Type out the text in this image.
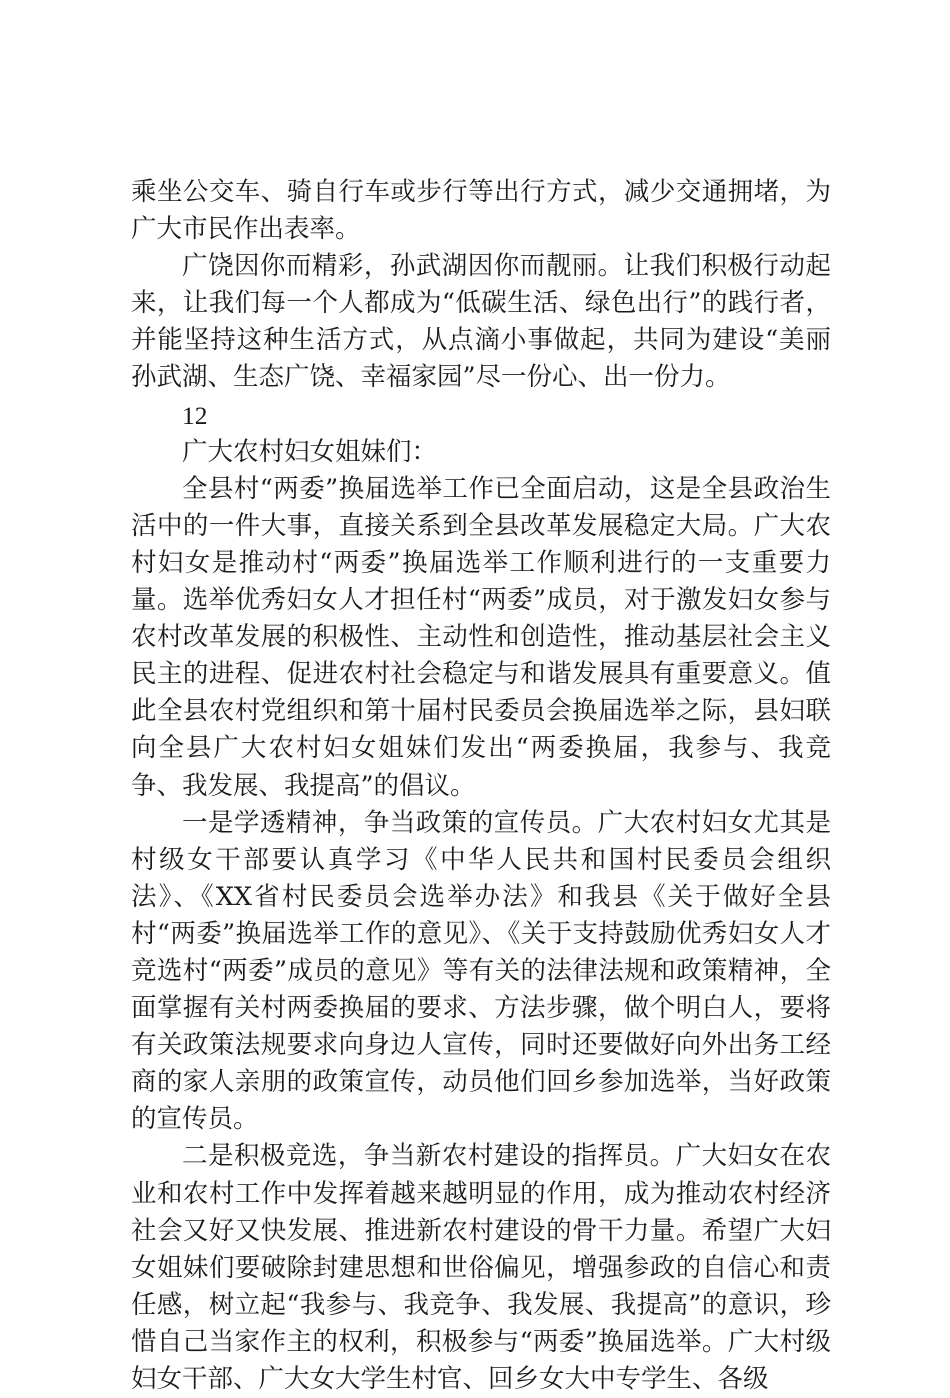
乘坐公交车、骑自行车或步行等出行方式，减少交通拥堵，为广大市民作出表率。

广饶因你而精彩，孙武湖因你而靓丽。让我们积极行动起来，让我们每一个人都成为“低碳生活、绿色出行”的践行者，并能坚持这种生活方式，从点滴小事做起，共同为建设“美丽孙武湖、生态广饶、幸福家园”尽一份心、出一份力。

12

广大农村妇女姐妹们：

全县村“两委”换届选举工作已全面启动，这是全县政治生活中的一件大事，直接关系到全县改革发展稳定大局。广大农村妇女是推动村“两委”换届选举工作顺利进行的一支重要力量。选举优秀妇女人才担任村“两委”成员，对于激发妇女参与农村改革发展的积极性、主动性和创造性，推动基层社会主义民主的进程、促进农村社会稳定与和谐发展具有重要意义。值此全县农村党组织和第十届村民委员会换届选举之际，县妇联向全县广大农村妇女姐妹们发出“两委换届，我参与、我竞争、我发展、我提高”的倡议。

一是学透精神，争当政策的宣传员。广大农村妇女尤其是村级女干部要认真学习《中华人民共和国村民委员会组织法》、《XX省村民委员会选举办法》和我县《关于做好全县村“两委”换届选举工作的意见》、《关于支持鼓励优秀妇女人才竞选村“两委”成员的意见》等有关的法律法规和政策精神，全面掌握有关村两委换届的要求、方法步骤，做个明白人，要将有关政策法规要求向身边人宣传，同时还要做好向外出务工经商的家人亲朋的政策宣传，动员他们回乡参加选举，当好政策的宣传员。

二是积极竞选，争当新农村建设的指挥员。广大妇女在农业和农村工作中发挥着越来越明显的作用，成为推动农村经济社会又好又快发展、推进新农村建设的骨干力量。希望广大妇女姐妹们要破除封建思想和世俗偏见，增强参政的自信心和责任感，树立起“我参与、我竞争、我发展、我提高”的意识，珍惜自己当家作主的权利，积极参与“两委”换届选举。广大村级妇女干部、广大女大学生村官、回乡女大中专学生、各级
